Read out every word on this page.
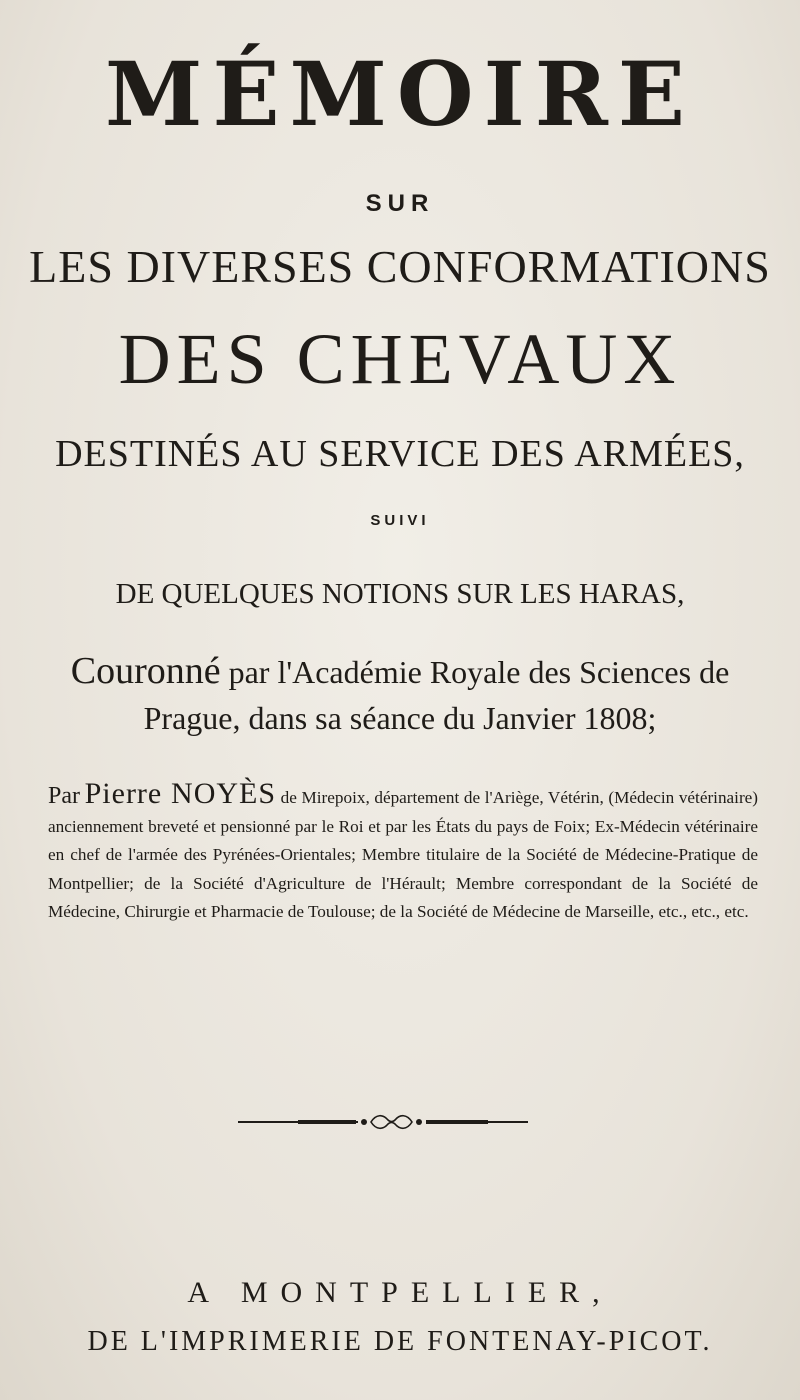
MÉMOIRE
SUR
LES DIVERSES CONFORMATIONS
DES CHEVAUX
DESTINÉS AU SERVICE DES ARMÉES,
SUIVI
DE QUELQUES NOTIONS SUR LES HARAS,
Couronné par l'Académie Royale des Sciences de
Prague, dans sa séance du Janvier 1808;
Par Pierre NOYÈS de Mirepoix, département de l'Ariège, Vétérin, (Médecin vétérinaire) anciennement breveté et pensionné par le Roi et par les États du pays de Foix; Ex-Médecin vétérinaire en chef de l'armée des Pyrénées-Orientales; Membre titulaire de la Société de Médecine-Pratique de Montpellier; de la Société d'Agriculture de l'Hérault; Membre correspondant de la Société de Médecine, Chirurgie et Pharmacie de Toulouse; de la Société de Médecine de Marseille, etc., etc., etc.
A MONTPELLIER,
DE L'IMPRIMERIE DE FONTENAY-PICOT.
